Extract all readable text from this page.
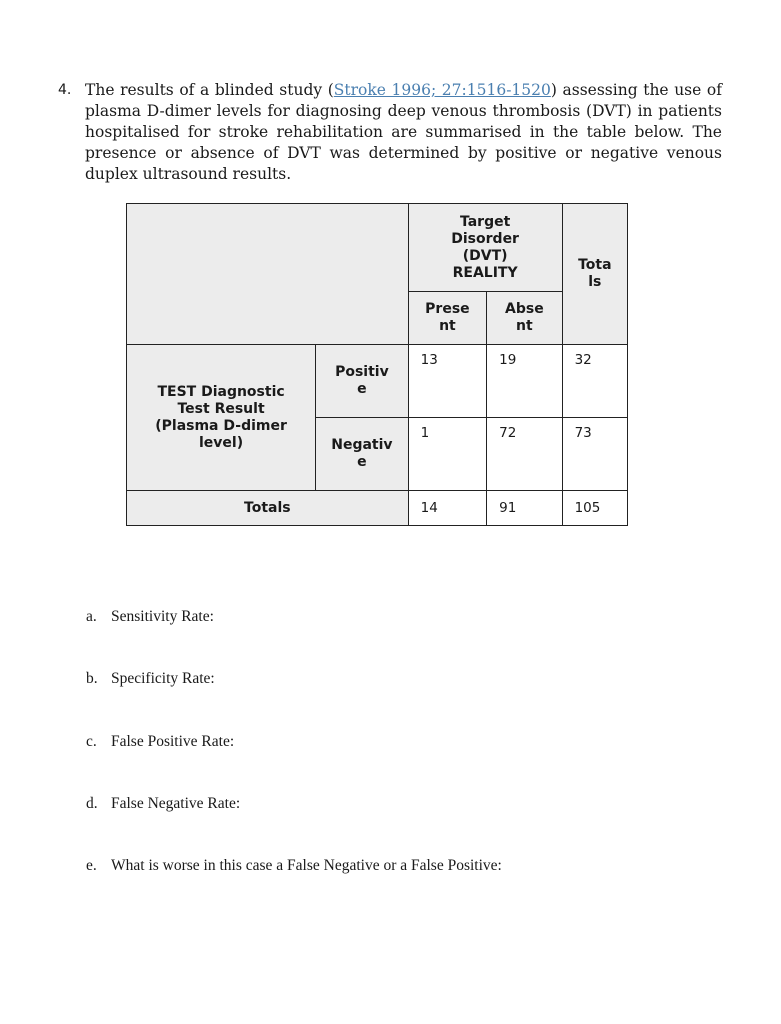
4. The results of a blinded study (Stroke 1996; 27:1516-1520) assessing the use of plasma D-dimer levels for diagnosing deep venous thrombosis (DVT) in patients hospitalised for stroke rehabilitation are summarised in the table below. The presence or absence of DVT was determined by positive or negative venous duplex ultrasound results.
		Target Disorder (DVT) REALITY		Tota ls
		Prese nt	Abse nt	
TEST Diagnostic Test Result (Plasma D-dimer level)	Positiv e	13	19	32
	Negativ e	1	72	73
Totals		14	91	105
a. Sensitivity Rate:
b. Specificity Rate:
c. False Positive Rate:
d. False Negative Rate:
e. What is worse in this case a False Negative or a False Positive:
